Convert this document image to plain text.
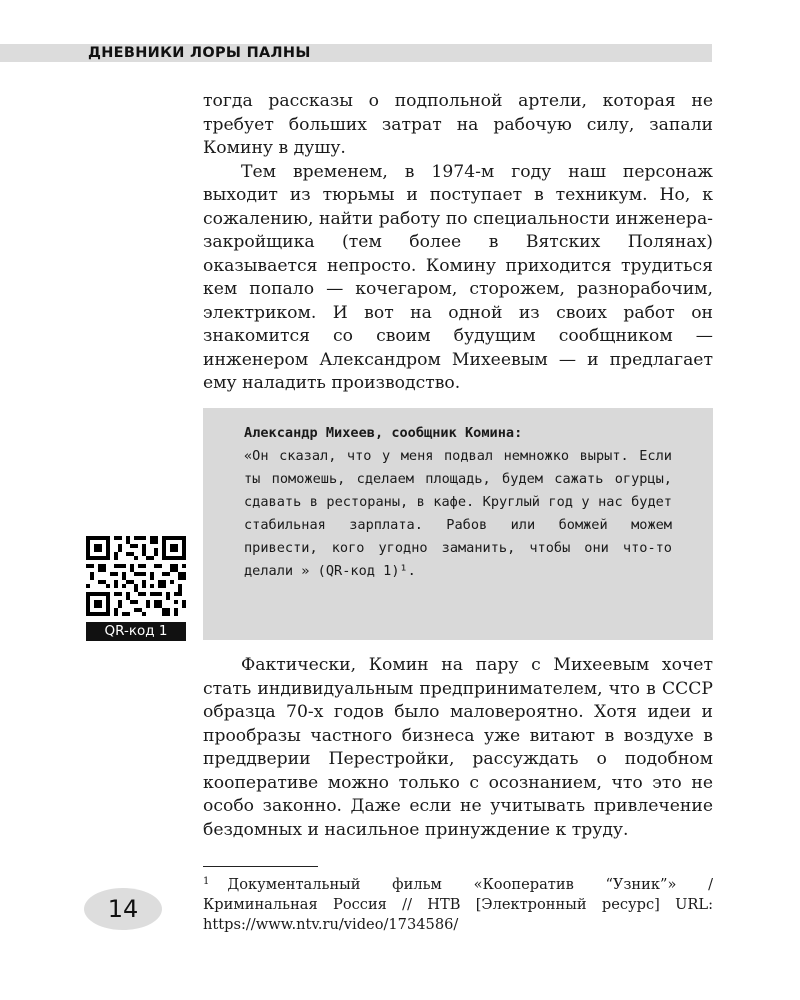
ДНЕВНИКИ ЛОРЫ ПАЛНЫ

тогда рассказы о подпольной артели, которая не требует больших затрат на рабочую силу, запали Комину в душу.

Тем временем, в 1974-м году наш персонаж выходит из тюрьмы и поступает в техникум. Но, к сожалению, найти работу по специальности инженера-закройщика (тем более в Вятских Полянах) оказывается непросто. Комину приходится трудиться кем попало — кочегаром, сторожем, разнорабочим, электриком. И вот на одной из своих работ он знакомится со своим будущим сообщником — инженером Александром Михеевым — и предлагает ему наладить производство.

Александр Михеев, сообщник Комина:
«Он сказал, что у меня подвал немножко вырыт. Если ты поможешь, сделаем площадь, будем сажать огурцы, сдавать в рестораны, в кафе. Круглый год у нас будет стабильная зарплата. Рабов или бомжей можем привести, кого угодно заманить, чтобы они что-то делали » (QR-код 1)¹.
QR-код 1

Фактически, Комин на пару с Михеевым хочет стать индивидуальным предпринимателем, что в СССР образца 70-х годов было маловероятно. Хотя идеи и прообразы частного бизнеса уже витают в воздухе в преддверии Перестройки, рассуждать о подобном кооперативе можно только с осознанием, что это не особо законно. Даже если не учитывать привлечение бездомных и насильное принуждение к труду.

$^1$ Документальный фильм «Кооператив “Узник”» / Криминальная Россия // НТВ [Электронный ресурс] URL: https://www.ntv.ru/video/1734586/
14
